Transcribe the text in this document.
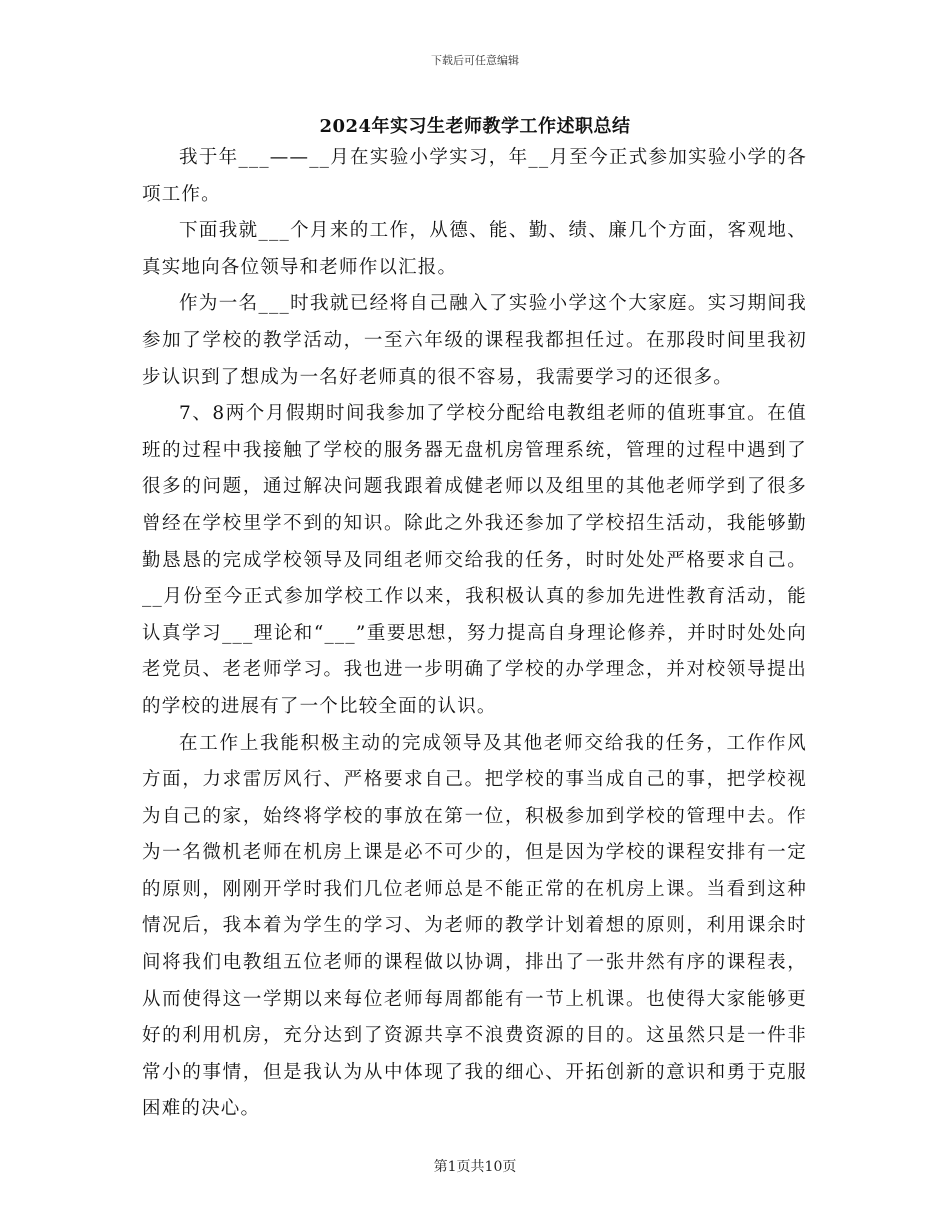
下载后可任意编辑
2024年实习生老师教学工作述职总结

我于年___——__月在实验小学实习，年__月至今正式参加实验小学的各项工作。

下面我就___个月来的工作，从德、能、勤、绩、廉几个方面，客观地、真实地向各位领导和老师作以汇报。

作为一名___时我就已经将自己融入了实验小学这个大家庭。实习期间我参加了学校的教学活动，一至六年级的课程我都担任过。在那段时间里我初步认识到了想成为一名好老师真的很不容易，我需要学习的还很多。

7、8两个月假期时间我参加了学校分配给电教组老师的值班事宜。在值班的过程中我接触了学校的服务器无盘机房管理系统，管理的过程中遇到了很多的问题，通过解决问题我跟着成健老师以及组里的其他老师学到了很多曾经在学校里学不到的知识。除此之外我还参加了学校招生活动，我能够勤勤恳恳的完成学校领导及同组老师交给我的任务，时时处处严格要求自己。__月份至今正式参加学校工作以来，我积极认真的参加先进性教育活动，能认真学习___理论和“___”重要思想，努力提高自身理论修养，并时时处处向老党员、老老师学习。我也进一步明确了学校的办学理念，并对校领导提出的学校的进展有了一个比较全面的认识。

在工作上我能积极主动的完成领导及其他老师交给我的任务，工作作风方面，力求雷厉风行、严格要求自己。把学校的事当成自己的事，把学校视为自己的家，始终将学校的事放在第一位，积极参加到学校的管理中去。作为一名微机老师在机房上课是必不可少的，但是因为学校的课程安排有一定的原则，刚刚开学时我们几位老师总是不能正常的在机房上课。当看到这种情况后，我本着为学生的学习、为老师的教学计划着想的原则，利用课余时间将我们电教组五位老师的课程做以协调，排出了一张井然有序的课程表，从而使得这一学期以来每位老师每周都能有一节上机课。也使得大家能够更好的利用机房，充分达到了资源共享不浪费资源的目的。这虽然只是一件非常小的事情，但是我认为从中体现了我的细心、开拓创新的意识和勇于克服困难的决心。

第1页共10页
